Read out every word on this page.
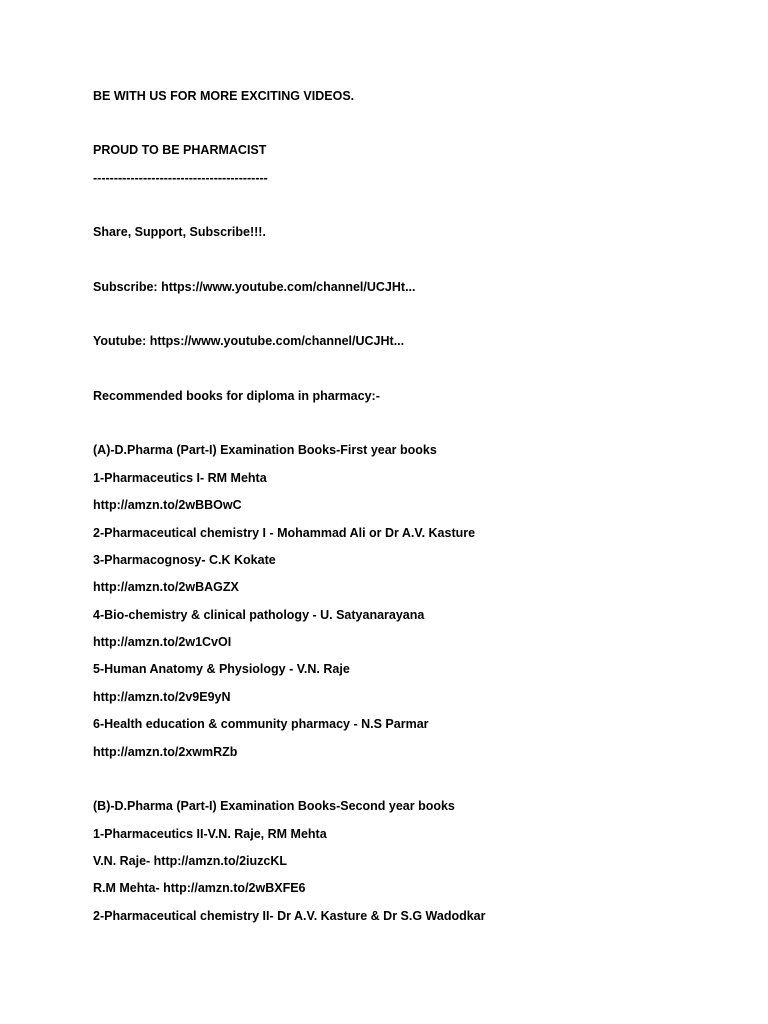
BE WITH US FOR MORE EXCITING VIDEOS.
PROUD TO BE PHARMACIST
------------------------------------------
Share, Support, Subscribe!!!.
Subscribe: https://www.youtube.com/channel/UCJHt...
Youtube: https://www.youtube.com/channel/UCJHt...
Recommended books for diploma in pharmacy:-
(A)-D.Pharma (Part-I) Examination Books-First year books
1-Pharmaceutics I- RM Mehta
http://amzn.to/2wBBOwC
2-Pharmaceutical chemistry I - Mohammad Ali or Dr A.V. Kasture
3-Pharmacognosy- C.K Kokate
http://amzn.to/2wBAGZX
4-Bio-chemistry & clinical pathology - U. Satyanarayana
http://amzn.to/2w1CvOI
5-Human Anatomy & Physiology - V.N. Raje
http://amzn.to/2v9E9yN
6-Health education & community pharmacy - N.S Parmar
http://amzn.to/2xwmRZb
(B)-D.Pharma (Part-I) Examination Books-Second year books
1-Pharmaceutics II-V.N. Raje, RM Mehta
V.N. Raje- http://amzn.to/2iuzcKL
R.M Mehta- http://amzn.to/2wBXFE6
2-Pharmaceutical chemistry II- Dr A.V. Kasture & Dr S.G Wadodkar
